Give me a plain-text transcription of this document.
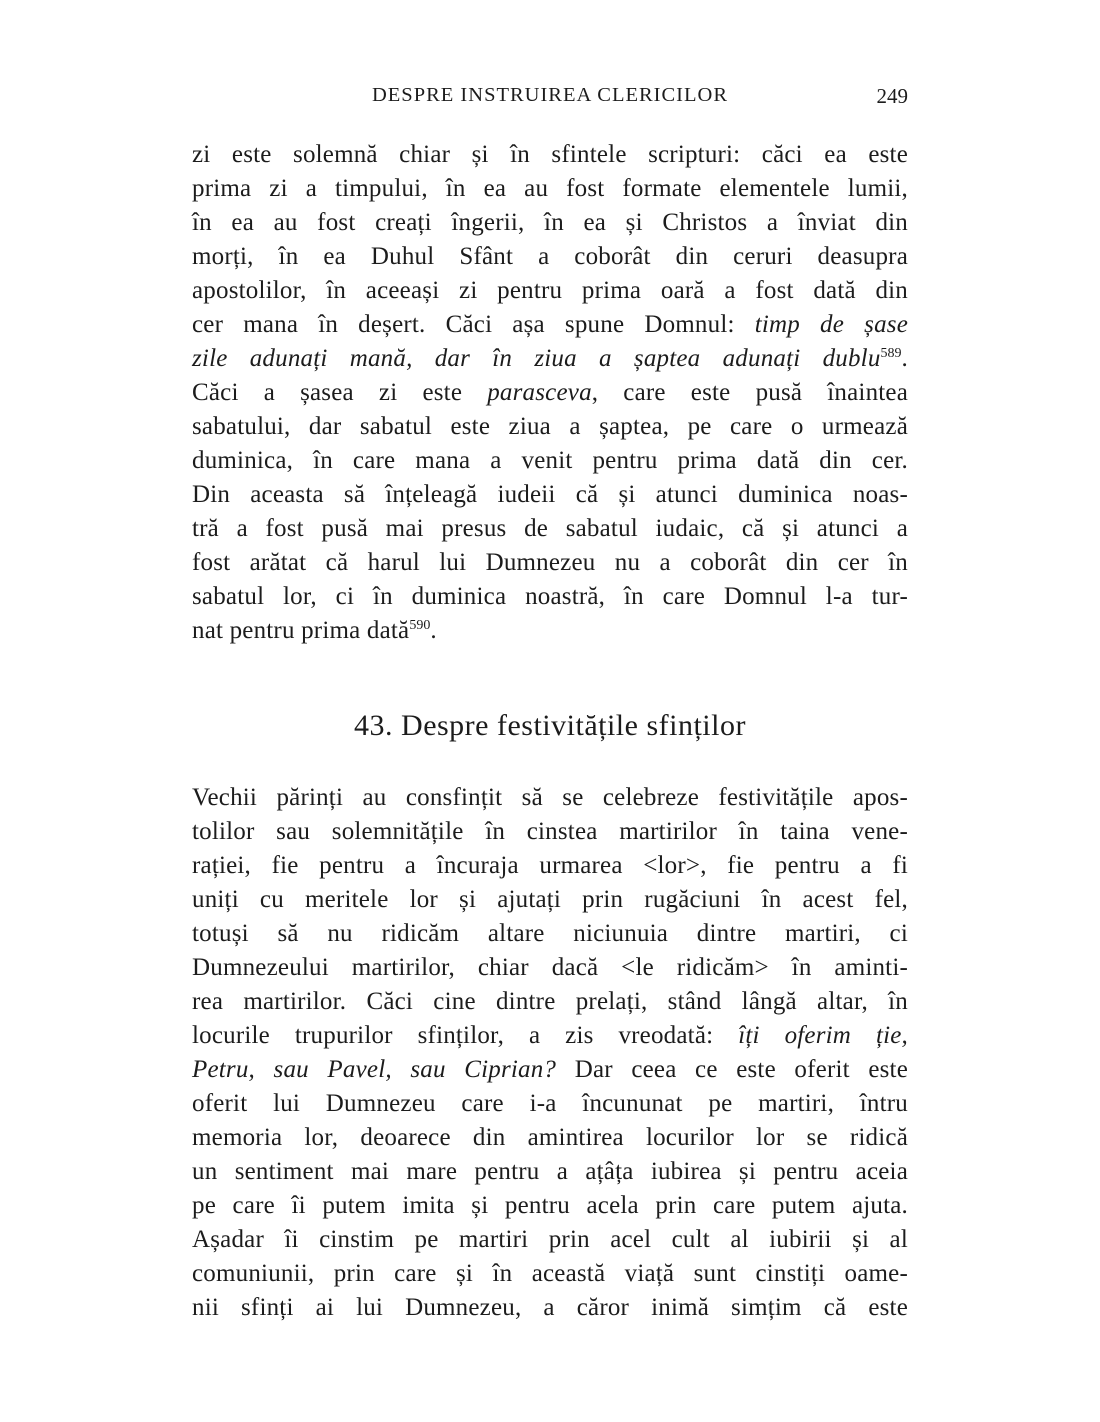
DESPRE INSTRUIREA CLERICILOR	249
zi este solemnă chiar și în sfintele scripturi: căci ea este
prima zi a timpului, în ea au fost formate elementele lumii,
în ea au fost creați îngerii, în ea și Christos a înviat din
morți, în ea Duhul Sfânt a coborât din ceruri deasupra
apostolilor, în aceeași zi pentru prima oară a fost dată din
cer mana în deșert. Căci așa spune Domnul: timp de șase
zile adunați mană, dar în ziua a șaptea adunați dublu$^{589}$.
Căci a șasea zi este parasceva, care este pusă înaintea
sabatului, dar sabatul este ziua a șaptea, pe care o urmează
duminica, în care mana a venit pentru prima dată din cer.
Din aceasta să înțeleagă iudeii că și atunci duminica noas-
tră a fost pusă mai presus de sabatul iudaic, că și atunci a
fost arătat că harul lui Dumnezeu nu a coborât din cer în
sabatul lor, ci în duminica noastră, în care Domnul l-a tur-
nat pentru prima dată$^{590}$.
43. Despre festivitățile sfinților
Vechii părinți au consfințit să se celebreze festivitățile apos-
tolilor sau solemnitățile în cinstea martirilor în taina vene-
rației, fie pentru a încuraja urmarea <lor>, fie pentru a fi
uniți cu meritele lor și ajutați prin rugăciuni în acest fel,
totuși să nu ridicăm altare niciunuia dintre martiri, ci
Dumnezeului martirilor, chiar dacă <le ridicăm> în aminti-
rea martirilor. Căci cine dintre prelați, stând lângă altar, în
locurile trupurilor sfinților, a zis vreodată: îți oferim ție,
Petru, sau Pavel, sau Ciprian? Dar ceea ce este oferit este
oferit lui Dumnezeu care i-a încununat pe martiri, întru
memoria lor, deoarece din amintirea locurilor lor se ridică
un sentiment mai mare pentru a ațâța iubirea și pentru aceia
pe care îi putem imita și pentru acela prin care putem ajuta.
Așadar îi cinstim pe martiri prin acel cult al iubirii și al
comuniunii, prin care și în această viață sunt cinstiți oame-
nii sfinți ai lui Dumnezeu, a căror inimă simțim că este
